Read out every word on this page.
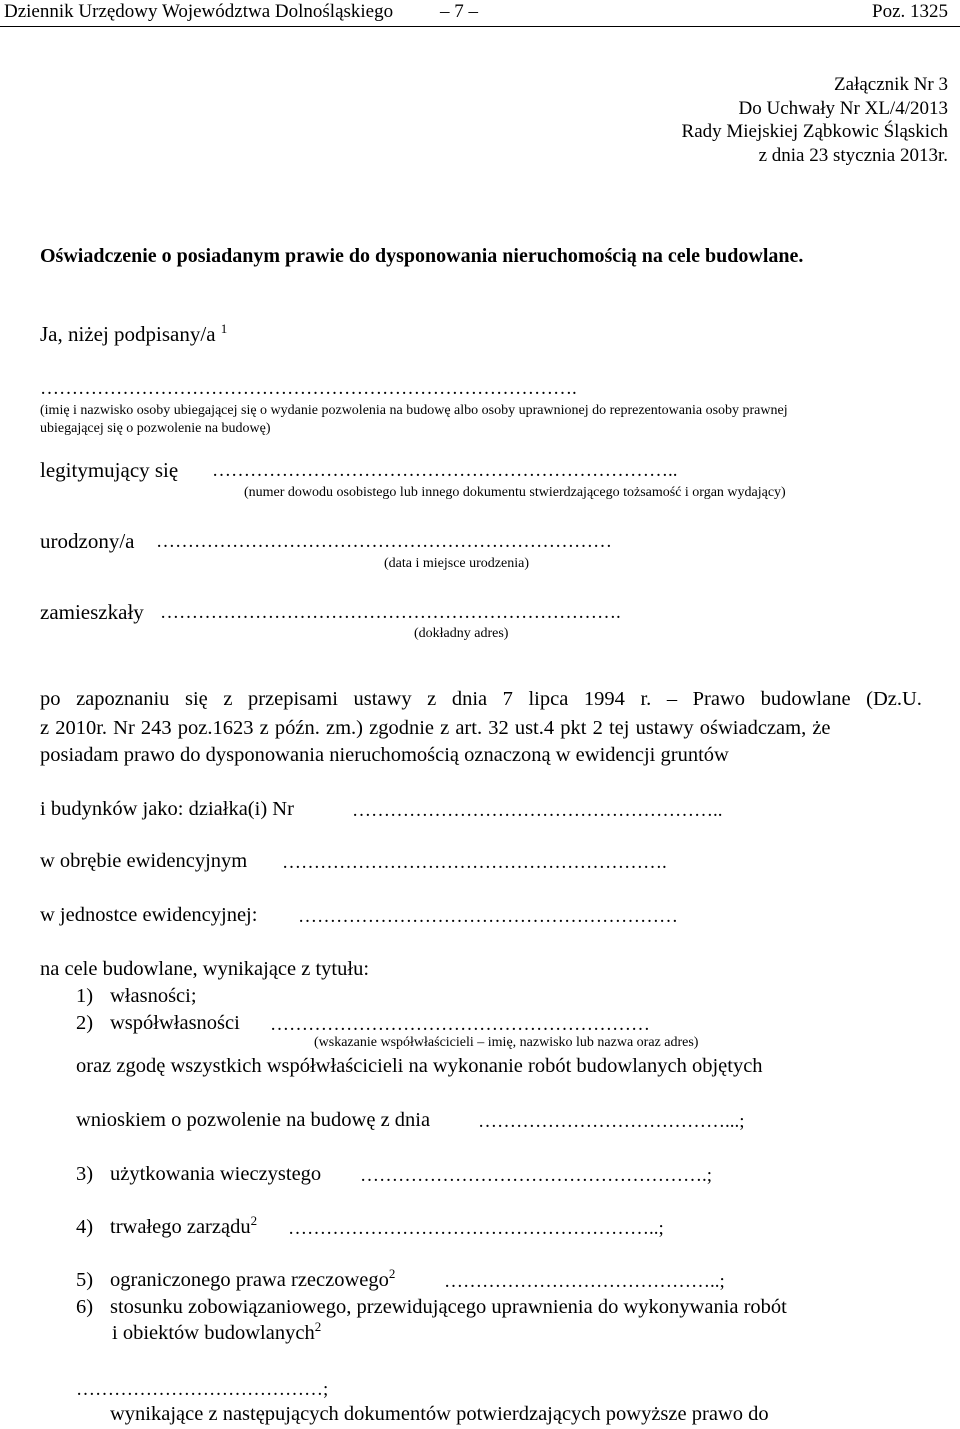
Dziennik Urzędowy Województwa Dolnośląskiego – 7 –	Poz. 1325
Załącznik Nr 3
Do Uchwały Nr XL/4/2013
Rady Miejskiej Ząbkowic Śląskich
z dnia 23 stycznia 2013r.
Oświadczenie o posiadanym prawie do dysponowania nieruchomością na cele budowlane.
Ja, niżej podpisany/a $^1$
………………………………………………………………………….
(imię i nazwisko osoby ubiegającej się o wydanie pozwolenia na budowę albo osoby uprawnionej do reprezentowania osoby prawnej
ubiegającej się o pozwolenie na budowę)
legitymujący się ………………………………………………………………..
(numer dowodu osobistego lub innego dokumentu stwierdzającego tożsamość i organ wydający)
urodzony/a ………………………………………………………………
(data i miejsce urodzenia)
zamieszkały ……………………………………………………………….
(dokładny adres)
po zapoznaniu się z przepisami ustawy z dnia 7 lipca 1994 r. – Prawo budowlane (Dz.U.
z 2010r. Nr 243 poz.1623 z późn. zm.) zgodnie z art. 32 ust.4 pkt 2 tej ustawy oświadczam, że
posiadam prawo do dysponowania nieruchomością oznaczoną w ewidencji gruntów
i budynków jako: działka(i) Nr	…………………………………………………..
w obrębie ewidencyjnym …………………………………………………….
w jednostce ewidencyjnej: ……………………………………………………
na cele budowlane, wynikające z tytułu:
1) własności;
2) współwłasności ……………………………………………………
(wskazanie współwłaścicieli – imię, nazwisko lub nazwa oraz adres)
oraz zgodę wszystkich współwłaścicieli na wykonanie robót budowlanych objętych
wnioskiem o pozwolenie na budowę z dnia	…………………………………...;
3) użytkowania wieczystego ……………………………………………….;
4) trwałego zarządu$^2$ …………………………………………………..;
5) ograniczonego prawa rzeczowego$^2$	……………………………………..;
6) stosunku zobowiązaniowego, przewidującego uprawnienia do wykonywania robót
i obiektów budowlanych$^2$
…………………………………;
wynikające z następujących dokumentów potwierdzających powyższe prawo do
